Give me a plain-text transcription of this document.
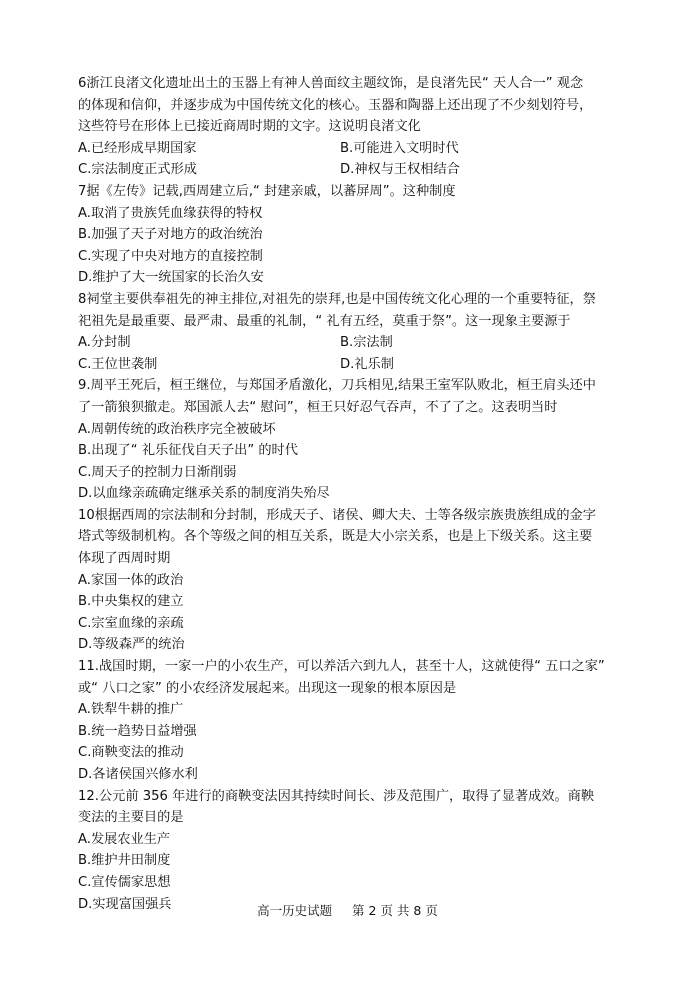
6浙江良渚文化遗址出土的玉器上有神人兽面纹主题纹饰，是良渚先民“ 天人合一” 观念
的体现和信仰，并逐步成为中国传统文化的核心。玉器和陶器上还出现了不少刻划符号，
这些符号在形体上已接近商周时期的文字。这说明良渚文化
A.已经形成早期国家	B.可能进入文明时代
C.宗法制度正式形成	D.神权与王权相结合
7据《左传》记载,西周建立后,“ 封建亲戚，以蕃屏周”。这种制度
A.取消了贵族凭血缘获得的特权
B.加强了天子对地方的政治统治
C.实现了中央对地方的直接控制
D.维护了大一统国家的长治久安
8祠堂主要供奉祖先的神主排位,对祖先的崇拜,也是中国传统文化心理的一个重要特征，祭
祀祖先是最重要、最严肃、最重的礼制，“ 礼有五经，莫重于祭”。这一现象主要源于
A.分封制	B.宗法制
C.王位世袭制	D.礼乐制
9.周平王死后，桓王继位，与郑国矛盾激化，刀兵相见,结果王室军队败北，桓王肩头还中
了一箭狼狈撤走。郑国派人去“ 慰问”，桓王只好忍气吞声，不了了之。这表明当时
A.周朝传统的政治秩序完全被破坏
B.出现了“ 礼乐征伐自天子出” 的时代
C.周天子的控制力日渐削弱
D.以血缘亲疏确定继承关系的制度消失殆尽
10根据西周的宗法制和分封制，形成天子、诸侯、卿大夫、士等各级宗族贵族组成的金字
塔式等级制机构。各个等级之间的相互关系，既是大小宗关系，也是上下级关系。这主要
体现了西周时期
A.家国一体的政治
B.中央集权的建立
C.宗室血缘的亲疏
D.等级森严的统治
11.战国时期，一家一户的小农生产，可以养活六到九人，甚至十人，这就使得“ 五口之家”
或“ 八口之家” 的小农经济发展起来。出现这一现象的根本原因是
A.铁犁牛耕的推广
B.统一趋势日益增强
C.商鞅变法的推动
D.各诸侯国兴修水利
12.公元前 356 年进行的商鞅变法因其持续时间长、涉及范围广，取得了显著成效。商鞅
变法的主要目的是
A.发展农业生产
B.维护井田制度
C.宣传儒家思想
D.实现富国强兵	高一历史试题 第 2 页 共 8 页
